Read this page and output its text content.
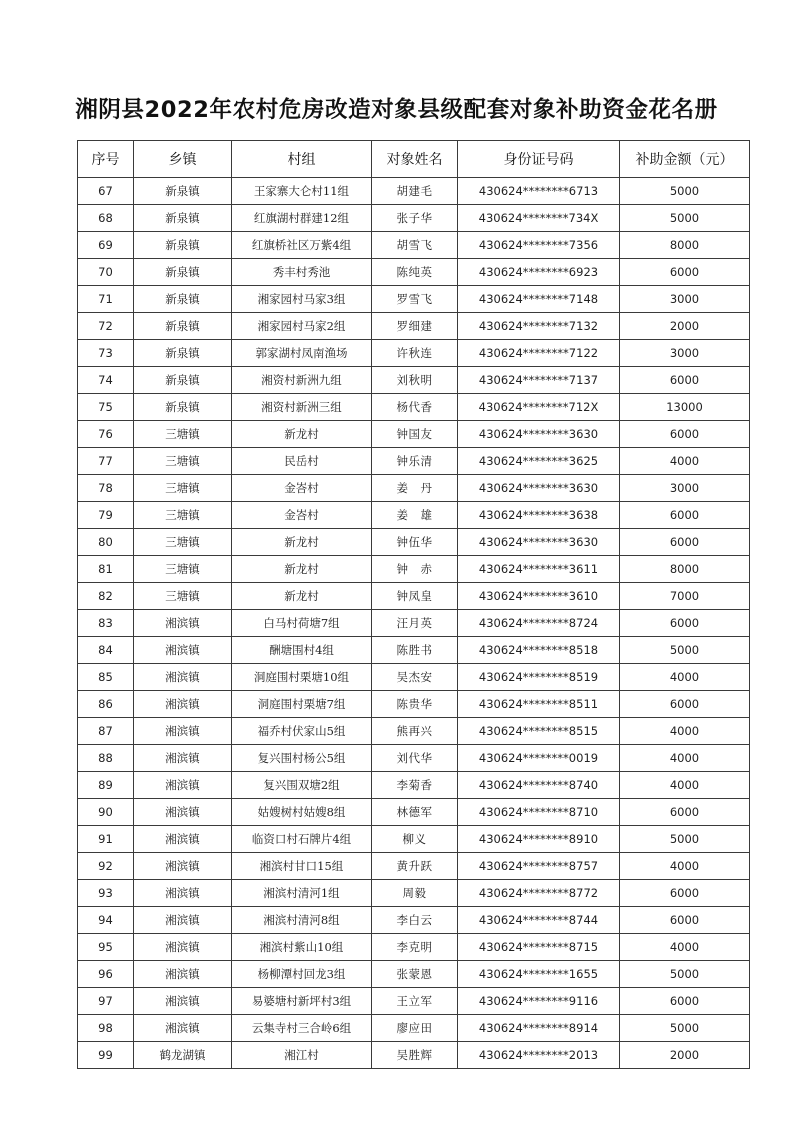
湘阴县2022年农村危房改造对象县级配套对象补助资金花名册
序号	乡镇	村组	对象姓名	身份证号码	补助金额（元）
67	新泉镇	王家寨大仑村11组	胡建毛	430624********6713	5000
68	新泉镇	红旗湖村群建12组	张子华	430624********734X	5000
69	新泉镇	红旗桥社区万紫4组	胡雪飞	430624********7356	8000
70	新泉镇	秀丰村秀池	陈纯英	430624********6923	6000
71	新泉镇	湘家园村马家3组	罗雪飞	430624********7148	3000
72	新泉镇	湘家园村马家2组	罗细建	430624********7132	2000
73	新泉镇	郭家湖村凤南渔场	许秋连	430624********7122	3000
74	新泉镇	湘资村新洲九组	刘秋明	430624********7137	6000
75	新泉镇	湘资村新洲三组	杨代香	430624********712X	13000
76	三塘镇	新龙村	钟国友	430624********3630	6000
77	三塘镇	民岳村	钟乐清	430624********3625	4000
78	三塘镇	金峇村	姜　丹	430624********3630	3000
79	三塘镇	金峇村	姜　雄	430624********3638	6000
80	三塘镇	新龙村	钟伍华	430624********3630	6000
81	三塘镇	新龙村	钟　赤	430624********3611	8000
82	三塘镇	新龙村	钟凤皇	430624********3610	7000
83	湘滨镇	白马村荷塘7组	汪月英	430624********8724	6000
84	湘滨镇	酬塘围村4组	陈胜书	430624********8518	5000
85	湘滨镇	洞庭围村栗塘10组	吴杰安	430624********8519	4000
86	湘滨镇	洞庭围村栗塘7组	陈贵华	430624********8511	6000
87	湘滨镇	福乔村伏家山5组	熊再兴	430624********8515	4000
88	湘滨镇	复兴围村杨公5组	刘代华	430624********0019	4000
89	湘滨镇	复兴围双塘2组	李菊香	430624********8740	4000
90	湘滨镇	姑嫂树村姑嫂8组	林德军	430624********8710	6000
91	湘滨镇	临资口村石牌片4组	柳义	430624********8910	5000
92	湘滨镇	湘滨村甘口15组	黄升跃	430624********8757	4000
93	湘滨镇	湘滨村清河1组	周毅	430624********8772	6000
94	湘滨镇	湘滨村清河8组	李白云	430624********8744	6000
95	湘滨镇	湘滨村紫山10组	李克明	430624********8715	4000
96	湘滨镇	杨柳潭村回龙3组	张蒙恩	430624********1655	5000
97	湘滨镇	易婆塘村新坪村3组	王立军	430624********9116	6000
98	湘滨镇	云集寺村三合岭6组	廖应田	430624********8914	5000
99	鹤龙湖镇	湘江村	吴胜辉	430624********2013	2000
